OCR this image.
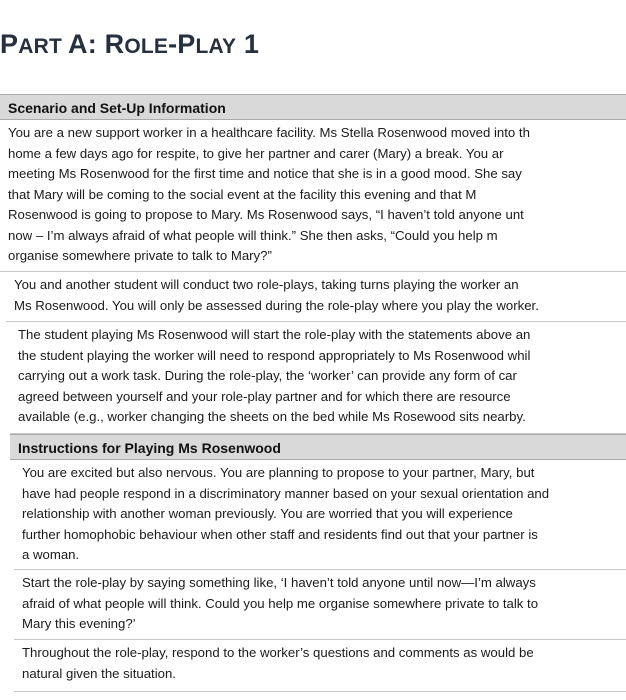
PART A: ROLE-PLAY 1
Scenario and Set-Up Information
You are a new support worker in a healthcare facility. Ms Stella Rosenwood moved into th
home a few days ago for respite, to give her partner and carer (Mary) a break. You ar
meeting Ms Rosenwood for the first time and notice that she is in a good mood. She say
that Mary will be coming to the social event at the facility this evening and that M
Rosenwood is going to propose to Mary. Ms Rosenwood says, “I haven’t told anyone unt
now – I’m always afraid of what people will think.” She then asks, “Could you help m
organise somewhere private to talk to Mary?”
You and another student will conduct two role-plays, taking turns playing the worker an
Ms Rosenwood. You will only be assessed during the role-play where you play the worker.
The student playing Ms Rosenwood will start the role-play with the statements above an
the student playing the worker will need to respond appropriately to Ms Rosenwood whil
carrying out a work task. During the role-play, the ‘worker’ can provide any form of car
agreed between yourself and your role-play partner and for which there are resource
available (e.g., worker changing the sheets on the bed while Ms Rosewood sits nearby.
Instructions for Playing Ms Rosenwood
You are excited but also nervous. You are planning to propose to your partner, Mary, but
have had people respond in a discriminatory manner based on your sexual orientation and
relationship with another woman previously. You are worried that you will experience
further homophobic behaviour when other staff and residents find out that your partner is
a woman.
Start the role-play by saying something like, ‘I haven’t told anyone until now—I’m always
afraid of what people will think. Could you help me organise somewhere private to talk to
Mary this evening?’
Throughout the role-play, respond to the worker’s questions and comments as would be
natural given the situation.
